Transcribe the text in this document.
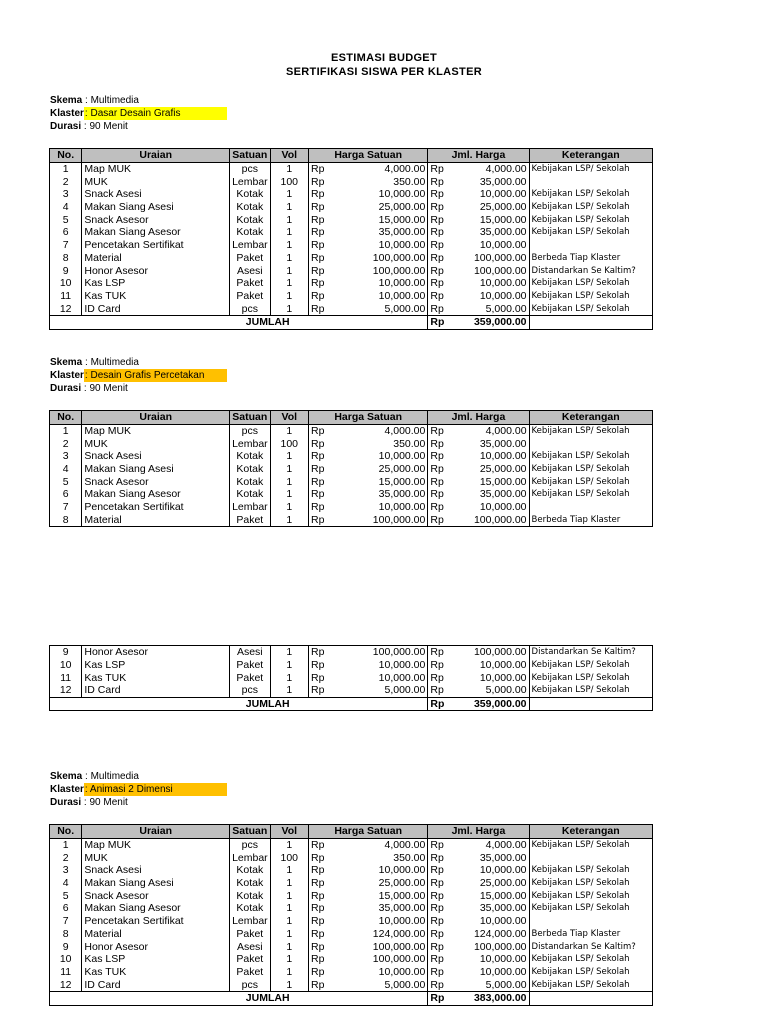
ESTIMASI BUDGET
SERTIFIKASI SISWA PER KLASTER
Skema : Multimedia
Klaster: Dasar Desain Grafis
Durasi : 90 Menit
No.	Uraian	Satuan	Vol	Harga Satuan	Jml. Harga	Keterangan
1	Map MUK	pcs	1	Rp 4,000.00	Rp 4,000.00	Kebijakan LSP/ Sekolah
2	MUK	Lembar	100	Rp 350.00	Rp 35,000.00	

3	Snack Asesi	Kotak	1	Rp 10,000.00	Rp 10,000.00	Kebijakan LSP/ Sekolah
4	Makan Siang Asesi	Kotak	1	Rp 25,000.00	Rp 25,000.00	Kebijakan LSP/ Sekolah
5	Snack Asesor	Kotak	1	Rp 15,000.00	Rp 15,000.00	Kebijakan LSP/ Sekolah
6	Makan Siang Asesor	Kotak	1	Rp 35,000.00	Rp 35,000.00	Kebijakan LSP/ Sekolah
7	Pencetakan Sertifikat	Lembar	1	Rp 10,000.00	Rp 10,000.00	

8	Material	Paket	1	Rp 100,000.00	Rp 100,000.00	Berbeda Tiap Klaster
9	Honor Asesor	Asesi	1	Rp 100,000.00	Rp 100,000.00	Distandarkan Se Kaltim?
10	Kas LSP	Paket	1	Rp 10,000.00	Rp 10,000.00	Kebijakan LSP/ Sekolah
11	Kas TUK	Paket	1	Rp 10,000.00	Rp 10,000.00	Kebijakan LSP/ Sekolah
12	ID Card	pcs	1	Rp 5,000.00	Rp 5,000.00	Kebijakan LSP/ Sekolah
JUMLAH					Rp 359,000.00	

Skema : Multimedia
Klaster: Desain Grafis Percetakan
Durasi : 90 Menit
No.	Uraian	Satuan	Vol	Harga Satuan	Jml. Harga	Keterangan
1	Map MUK	pcs	1	Rp 4,000.00	Rp 4,000.00	Kebijakan LSP/ Sekolah
2	MUK	Lembar	100	Rp 350.00	Rp 35,000.00	

3	Snack Asesi	Kotak	1	Rp 10,000.00	Rp 10,000.00	Kebijakan LSP/ Sekolah
4	Makan Siang Asesi	Kotak	1	Rp 25,000.00	Rp 25,000.00	Kebijakan LSP/ Sekolah
5	Snack Asesor	Kotak	1	Rp 15,000.00	Rp 15,000.00	Kebijakan LSP/ Sekolah
6	Makan Siang Asesor	Kotak	1	Rp 35,000.00	Rp 35,000.00	Kebijakan LSP/ Sekolah
7	Pencetakan Sertifikat	Lembar	1	Rp 10,000.00	Rp 10,000.00	

8	Material	Paket	1	Rp 100,000.00	Rp 100,000.00	Berbeda Tiap Klaster

9	Honor Asesor	Asesi	1	Rp 100,000.00	Rp 100,000.00	Distandarkan Se Kaltim?
10	Kas LSP	Paket	1	Rp 10,000.00	Rp 10,000.00	Kebijakan LSP/ Sekolah
11	Kas TUK	Paket	1	Rp 10,000.00	Rp 10,000.00	Kebijakan LSP/ Sekolah
12	ID Card	pcs	1	Rp 5,000.00	Rp 5,000.00	Kebijakan LSP/ Sekolah
JUMLAH					Rp 359,000.00	

Skema : Multimedia
Klaster: Animasi 2 Dimensi
Durasi : 90 Menit
No.	Uraian	Satuan	Vol	Harga Satuan	Jml. Harga	Keterangan
1	Map MUK	pcs	1	Rp 4,000.00	Rp 4,000.00	Kebijakan LSP/ Sekolah
2	MUK	Lembar	100	Rp 350.00	Rp 35,000.00	

3	Snack Asesi	Kotak	1	Rp 10,000.00	Rp 10,000.00	Kebijakan LSP/ Sekolah
4	Makan Siang Asesi	Kotak	1	Rp 25,000.00	Rp 25,000.00	Kebijakan LSP/ Sekolah
5	Snack Asesor	Kotak	1	Rp 15,000.00	Rp 15,000.00	Kebijakan LSP/ Sekolah
6	Makan Siang Asesor	Kotak	1	Rp 35,000.00	Rp 35,000.00	Kebijakan LSP/ Sekolah
7	Pencetakan Sertifikat	Lembar	1	Rp 10,000.00	Rp 10,000.00	

8	Material	Paket	1	Rp 124,000.00	Rp 124,000.00	Berbeda Tiap Klaster
9	Honor Asesor	Asesi	1	Rp 100,000.00	Rp 100,000.00	Distandarkan Se Kaltim?
10	Kas LSP	Paket	1	Rp 100,000.00	Rp 10,000.00	Kebijakan LSP/ Sekolah
11	Kas TUK	Paket	1	Rp 10,000.00	Rp 10,000.00	Kebijakan LSP/ Sekolah
12	ID Card	pcs	1	Rp 5,000.00	Rp 5,000.00	Kebijakan LSP/ Sekolah
JUMLAH					Rp 383,000.00	
